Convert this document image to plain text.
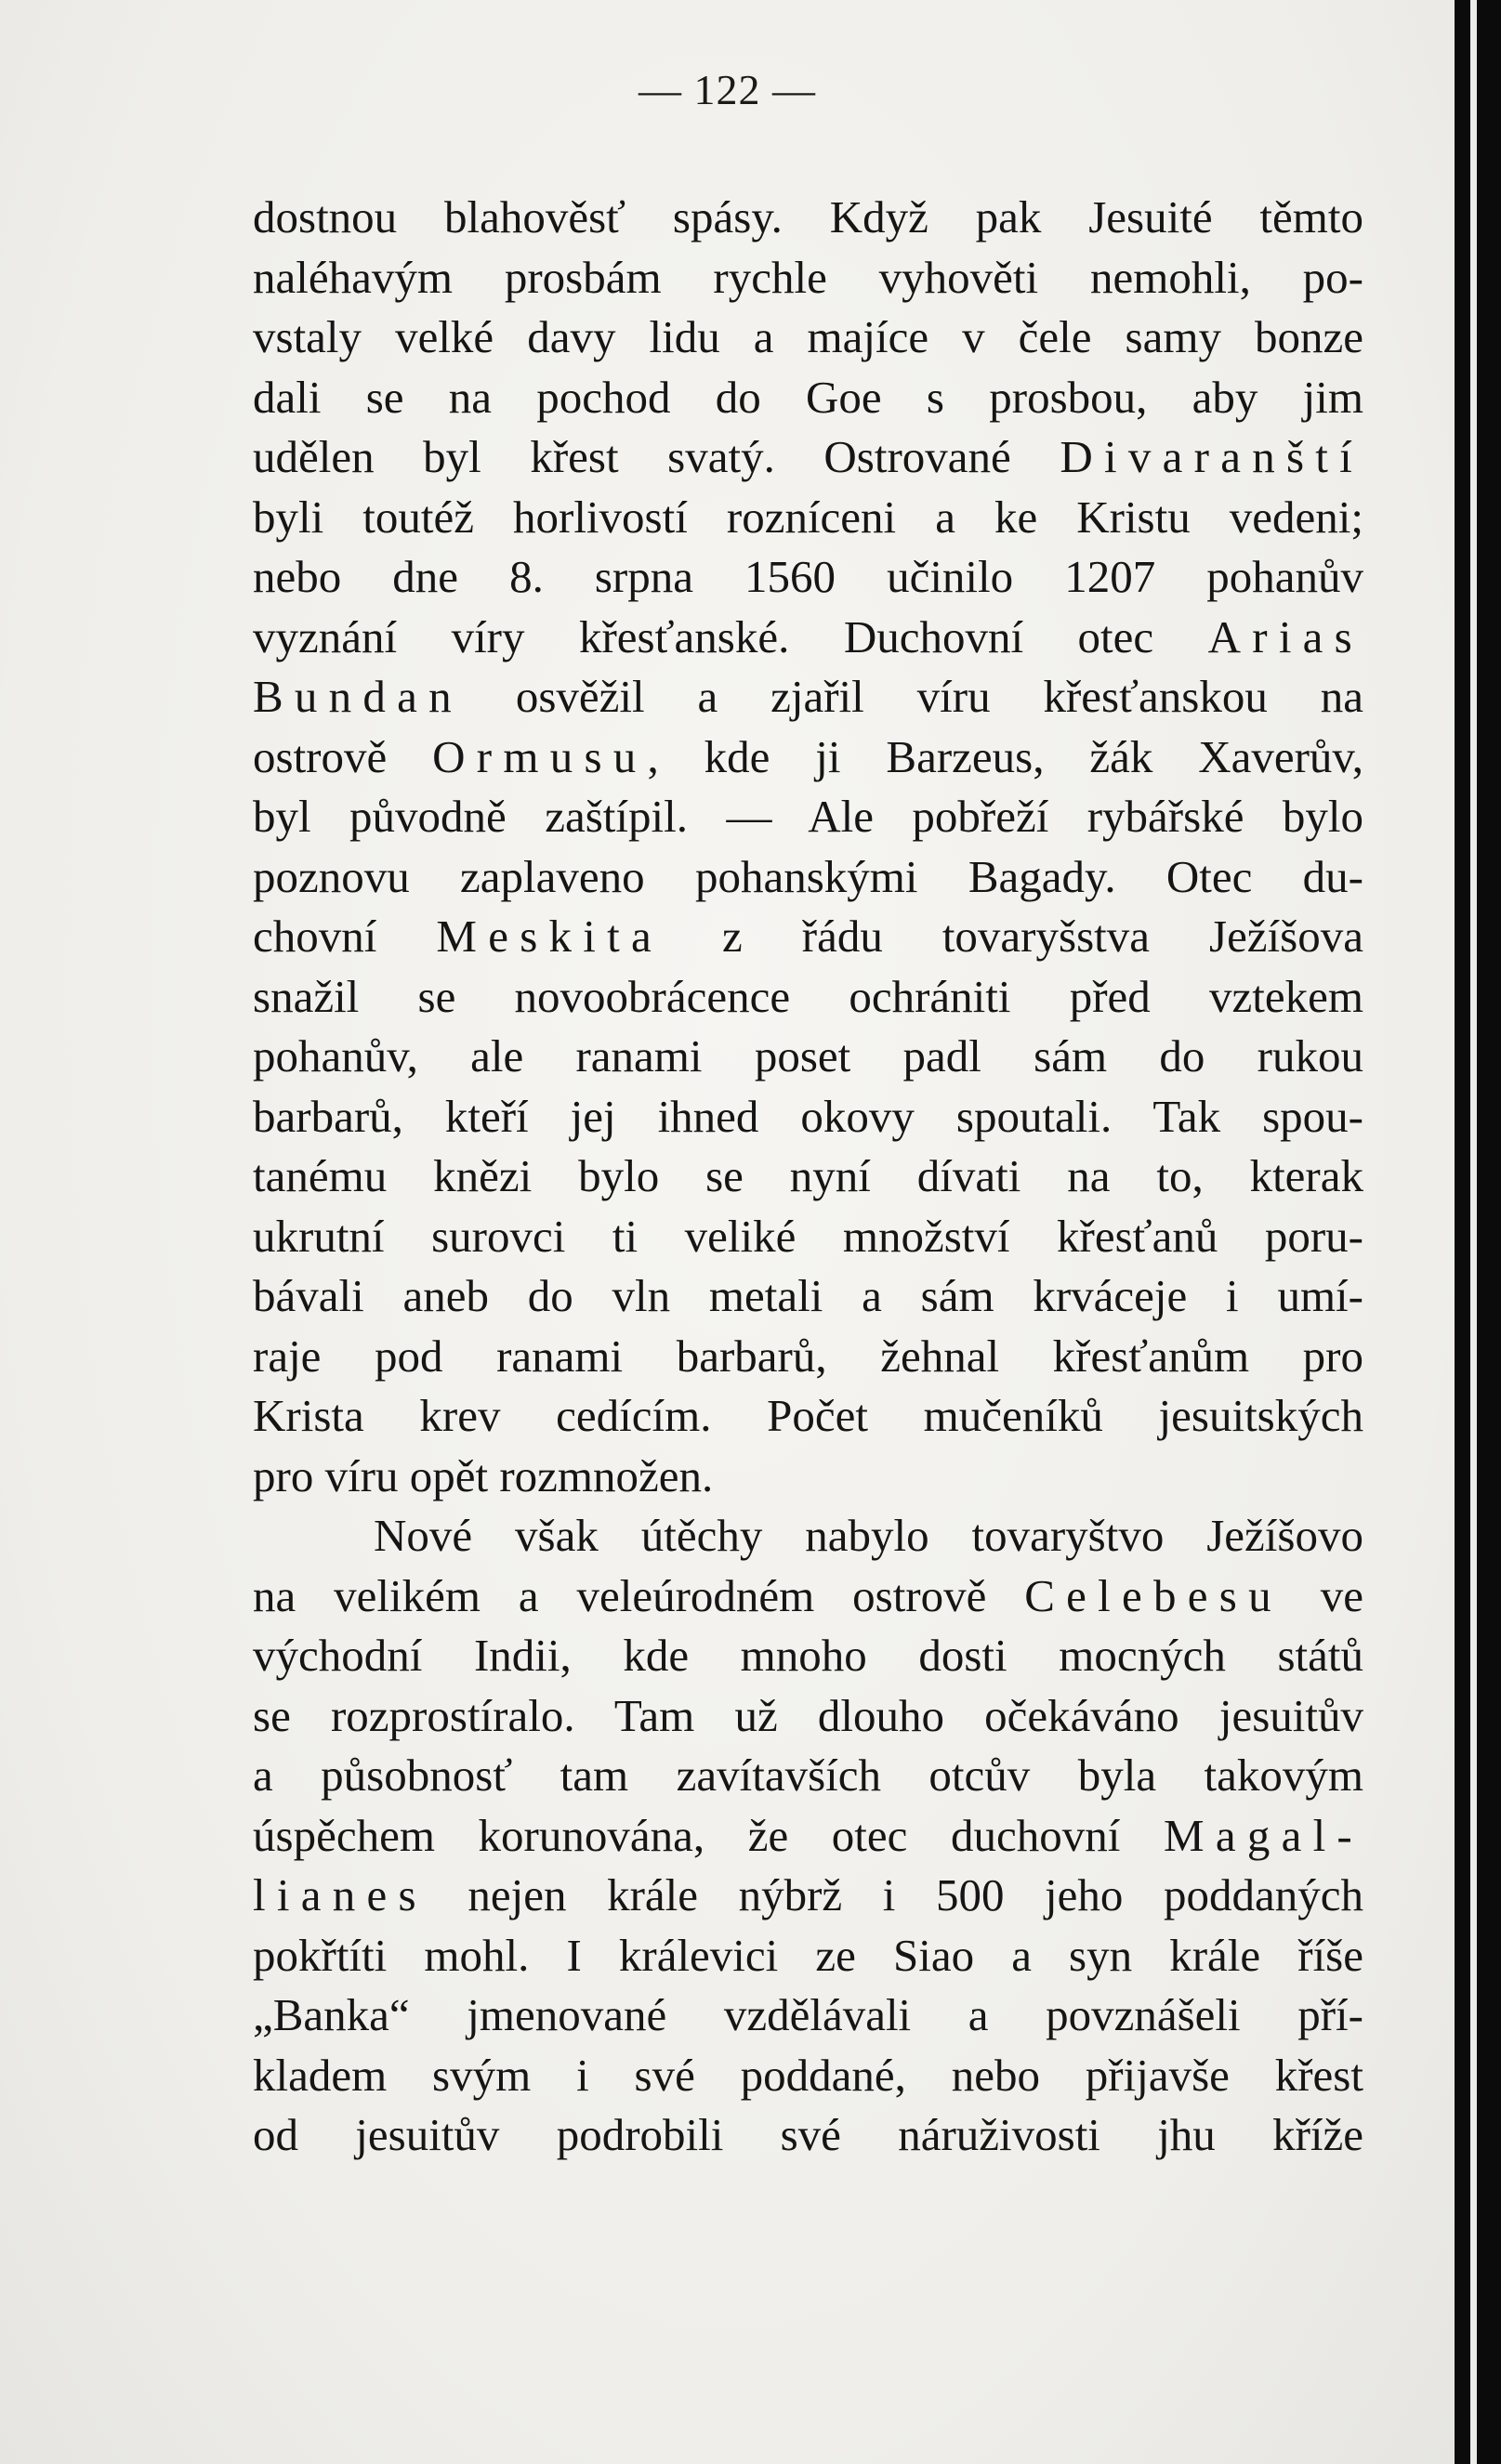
— 122 —
dostnou blahověsť spásy. Když pak Jesuité těmto
naléhavým prosbám rychle vyhověti nemohli, po-
vstaly velké davy lidu a majíce v čele samy bonze
dali se na pochod do Goe s prosbou, aby jim
udělen byl křest svatý. Ostrované Divaranští
byli toutéž horlivostí rozníceni a ke Kristu vedeni;
nebo dne 8. srpna 1560 učinilo 1207 pohanův
vyznání víry křesťanské. Duchovní otec Arias
Bundan osvěžil a zjařil víru křesťanskou na
ostrově Ormusu, kde ji Barzeus, žák Xaverův,
byl původně zaštípil. — Ale pobřeží rybářské bylo
poznovu zaplaveno pohanskými Bagady. Otec du-
chovní Meskita z řádu tovaryšstva Ježíšova
snažil se novoobrácence ochrániti před vztekem
pohanův, ale ranami poset padl sám do rukou
barbarů, kteří jej ihned okovy spoutali. Tak spou-
tanému knězi bylo se nyní dívati na to, kterak
ukrutní surovci ti veliké množství křesťanů poru-
bávali aneb do vln metali a sám krváceje i umí-
raje pod ranami barbarů, žehnal křesťanům pro
Krista krev cedícím. Počet mučeníků jesuitských
pro víru opět rozmnožen.
Nové však útěchy nabylo tovaryštvo Ježíšovo
na velikém a veleúrodném ostrově Celebesu ve
východní Indii, kde mnoho dosti mocných států
se rozprostíralo. Tam už dlouho očekáváno jesuitův
a působnosť tam zavítavších otcův byla takovým
úspěchem korunována, že otec duchovní Magal-
lianes nejen krále nýbrž i 500 jeho poddaných
pokřtíti mohl. I králevici ze Siao a syn krále říše
„Banka“ jmenované vzdělávali a povznášeli pří-
kladem svým i své poddané, nebo přijavše křest
od jesuitův podrobili své náruživosti jhu kříže
